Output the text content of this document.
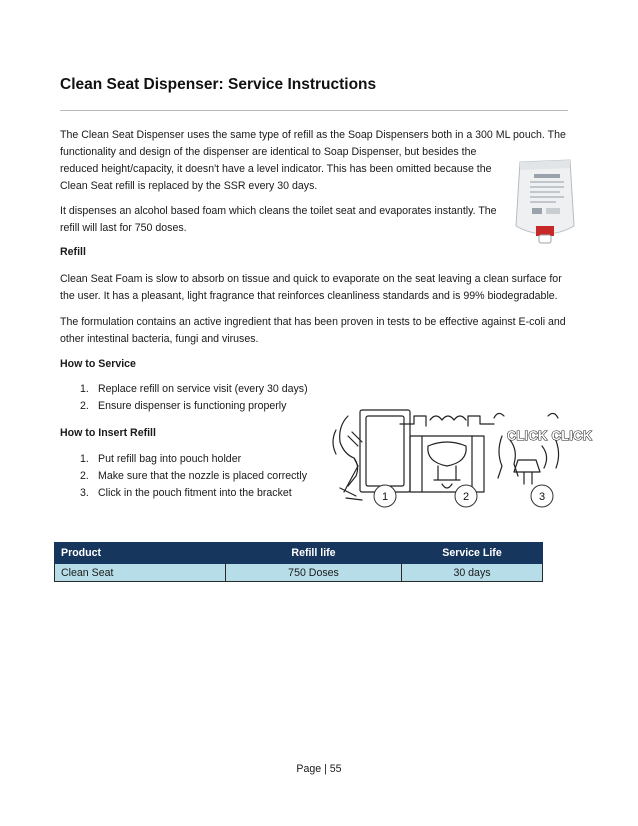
Clean Seat Dispenser: Service Instructions

The Clean Seat Dispenser uses the same type of refill as the Soap Dispensers both in a 300 ML pouch. The
functionality and design of the dispenser are identical to Soap Dispenser, but besides the
reduced height/capacity, it doesn't have a level indicator. This has been omitted because the
Clean Seat refill is replaced by the SSR every 30 days.

It dispenses an alcohol based foam which cleans the toilet seat and evaporates instantly. The
refill will last for 750 doses.

Refill

Clean Seat Foam is slow to absorb on tissue and quick to evaporate on the seat leaving a clean surface for
the user. It has a pleasant, light fragrance that reinforces cleanliness standards and is 99% biodegradable.

The formulation contains an active ingredient that has been proven in tests to be effective against E-coli and
other intestinal bacteria, fungi and viruses.

How to Service

1. Replace refill on service visit (every 30 days)
2. Ensure dispenser is functioning properly

How to Insert Refill

1. Put refill bag into pouch holder
2. Make sure that the nozzle is placed correctly
3. Click in the pouch fitment into the bracket
CLICK CLICK
1	2	3
Product	Refill life	Service Life
Clean Seat	750 Doses	30 days
Page | 55
